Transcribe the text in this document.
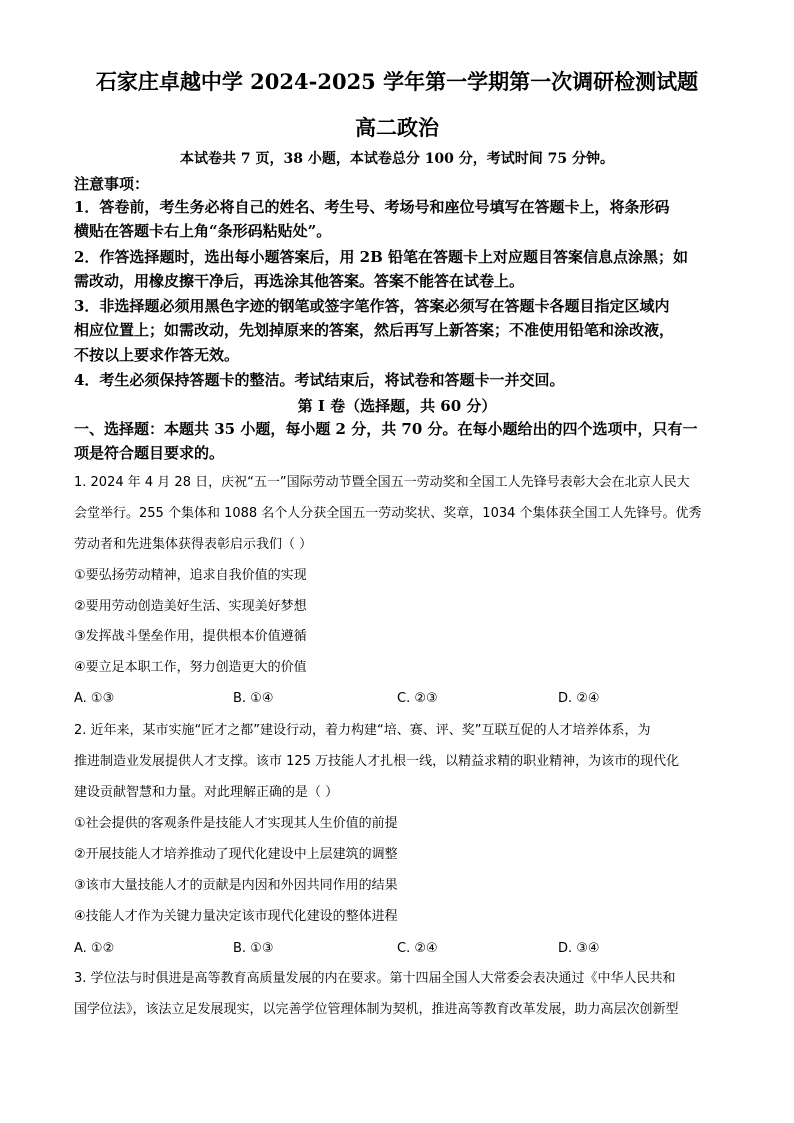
石家庄卓越中学 2024-2025 学年第一学期第一次调研检测试题
高二政治
本试卷共 7 页，38 小题，本试卷总分 100 分，考试时间 75 分钟。
注意事项：
1．答卷前，考生务必将自己的姓名、考生号、考场号和座位号填写在答题卡上，将条形码
横贴在答题卡右上角“条形码粘贴处”。
2．作答选择题时，选出每小题答案后，用 2B 铅笔在答题卡上对应题目答案信息点涂黑；如
需改动，用橡皮擦干净后，再选涂其他答案。答案不能答在试卷上。
3．非选择题必须用黑色字迹的钢笔或签字笔作答，答案必须写在答题卡各题目指定区域内
相应位置上；如需改动，先划掉原来的答案，然后再写上新答案；不准使用铅笔和涂改液，
不按以上要求作答无效。
4．考生必须保持答题卡的整洁。考试结束后，将试卷和答题卡一并交回。
第 I 卷（选择题，共 60 分）
一、选择题：本题共 35 小题，每小题 2 分，共 70 分。在每小题给出的四个选项中，只有一
项是符合题目要求的。
1. 2024 年 4 月 28 日，庆祝“五一”国际劳动节暨全国五一劳动奖和全国工人先锋号表彰大会在北京人民大
会堂举行。255 个集体和 1088 名个人分获全国五一劳动奖状、奖章，1034 个集体获全国工人先锋号。优秀
劳动者和先进集体获得表彰启示我们（ ）
①要弘扬劳动精神，追求自我价值的实现
②要用劳动创造美好生活、实现美好梦想
③发挥战斗堡垒作用，提供根本价值遵循
④要立足本职工作，努力创造更大的价值
A. ①③	B. ①④	C. ②③	D. ②④
2. 近年来，某市实施“匠才之都”建设行动，着力构建“培、赛、评、奖”互联互促的人才培养体系，为
推进制造业发展提供人才支撑。该市 125 万技能人才扎根一线，以精益求精的职业精神，为该市的现代化
建设贡献智慧和力量。对此理解正确的是（ ）
①社会提供的客观条件是技能人才实现其人生价值的前提
②开展技能人才培养推动了现代化建设中上层建筑的调整
③该市大量技能人才的贡献是内因和外因共同作用的结果
④技能人才作为关键力量决定该市现代化建设的整体进程
A. ①②	B. ①③	C. ②④	D. ③④
3. 学位法与时俱进是高等教育高质量发展的内在要求。第十四届全国人大常委会表决通过《中华人民共和
国学位法》，该法立足发展现实，以完善学位管理体制为契机，推进高等教育改革发展，助力高层次创新型
